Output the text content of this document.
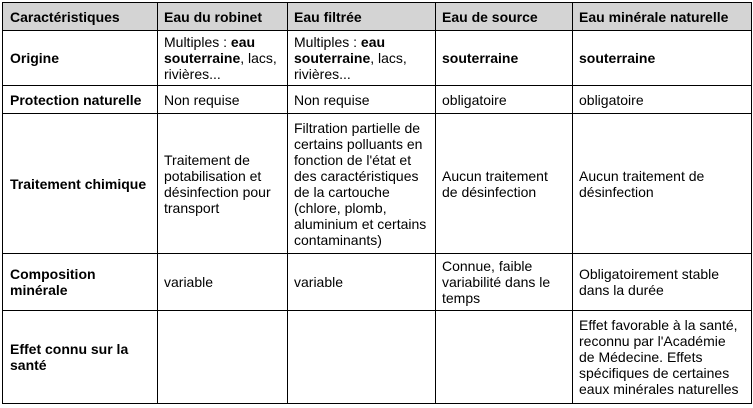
Caractéristiques	Eau du robinet	Eau filtrée	Eau de source	Eau minérale naturelle
Origine	Multiples : eau souterraine, lacs, rivières...	Multiples : eau souterraine, lacs, rivières...	souterraine	souterraine
Protection naturelle	Non requise	Non requise	obligatoire	obligatoire
Traitement chimique	Traitement de potabilisation et désinfection pour transport	Filtration partielle de certains polluants en fonction de l'état et des caractéristiques de la cartouche (chlore, plomb, aluminium et certains contaminants)	Aucun traitement de désinfection	Aucun traitement de désinfection
Composition minérale	variable	variable	Connue, faible variabilité dans le temps	Obligatoirement stable dans la durée
Effet connu sur la santé				Effet favorable à la santé, reconnu par l'Académie de Médecine. Effets spécifiques de certaines eaux minérales naturelles
